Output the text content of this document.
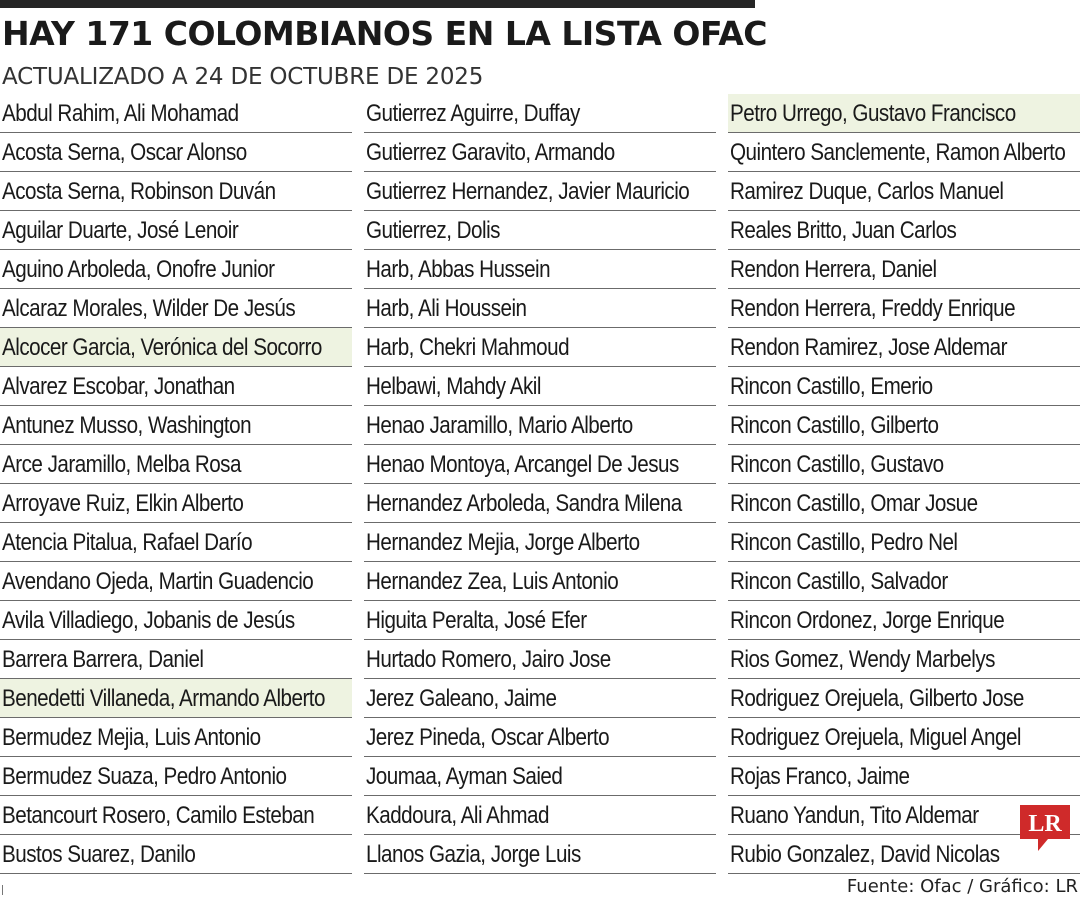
HAY 171 COLOMBIANOS EN LA LISTA OFAC
ACTUALIZADO A 24 DE OCTUBRE DE 2025
Abdul Rahim, Ali Mohamad
Acosta Serna, Oscar Alonso
Acosta Serna, Robinson Duván
Aguilar Duarte, José Lenoir
Aguino Arboleda, Onofre Junior
Alcaraz Morales, Wilder De Jesús
Alcocer Garcia, Verónica del Socorro
Alvarez Escobar, Jonathan
Antunez Musso, Washington
Arce Jaramillo, Melba Rosa
Arroyave Ruiz, Elkin Alberto
Atencia Pitalua, Rafael Darío
Avendano Ojeda, Martin Guadencio
Avila Villadiego, Jobanis de Jesús
Barrera Barrera, Daniel
Benedetti Villaneda, Armando Alberto
Bermudez Mejia, Luis Antonio
Bermudez Suaza, Pedro Antonio
Betancourt Rosero, Camilo Esteban
Bustos Suarez, Danilo
Gutierrez Aguirre, Duffay
Gutierrez Garavito, Armando
Gutierrez Hernandez, Javier Mauricio
Gutierrez, Dolis
Harb, Abbas Hussein
Harb, Ali Houssein
Harb, Chekri Mahmoud
Helbawi, Mahdy Akil
Henao Jaramillo, Mario Alberto
Henao Montoya, Arcangel De Jesus
Hernandez Arboleda, Sandra Milena
Hernandez Mejia, Jorge Alberto
Hernandez Zea, Luis Antonio
Higuita Peralta, José Efer
Hurtado Romero, Jairo Jose
Jerez Galeano, Jaime
Jerez Pineda, Oscar Alberto
Joumaa, Ayman Saied
Kaddoura, Ali Ahmad
Llanos Gazia, Jorge Luis
Petro Urrego, Gustavo Francisco
Quintero Sanclemente, Ramon Alberto
Ramirez Duque, Carlos Manuel
Reales Britto, Juan Carlos
Rendon Herrera, Daniel
Rendon Herrera, Freddy Enrique
Rendon Ramirez, Jose Aldemar
Rincon Castillo, Emerio
Rincon Castillo, Gilberto
Rincon Castillo, Gustavo
Rincon Castillo, Omar Josue
Rincon Castillo, Pedro Nel
Rincon Castillo, Salvador
Rincon Ordonez, Jorge Enrique
Rios Gomez, Wendy Marbelys
Rodriguez Orejuela, Gilberto Jose
Rodriguez Orejuela, Miguel Angel
Rojas Franco, Jaime
Ruano Yandun, Tito Aldemar
Rubio Gonzalez, David Nicolas
LR
Fuente: Ofac / Gráfico: LR
